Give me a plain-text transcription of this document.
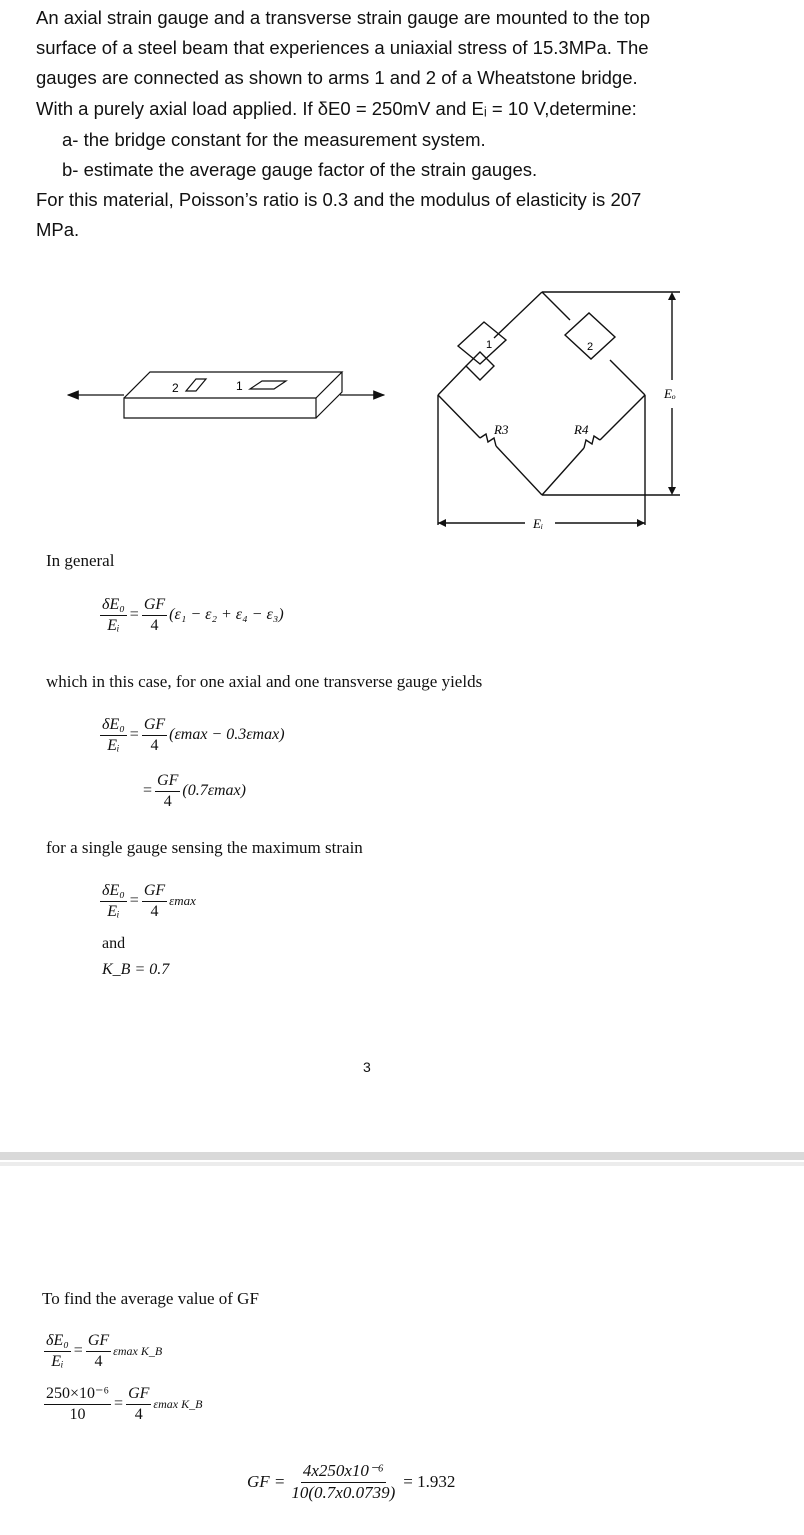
An axial strain gauge and a transverse strain gauge are mounted to the top
surface of a steel beam that experiences a uniaxial stress of 15.3MPa. The
gauges are connected as shown to arms 1 and 2 of a Wheatstone bridge.
With a purely axial load applied. If δE0 = 250mV and Eᵢ = 10 V,determine:
a- the bridge constant for the measurement system.
b- estimate the average gauge factor of the strain gauges.
For this material, Poisson’s ratio is 0.3 and the modulus of elasticity is 207
MPa.
2	1
1	2
R3	R4
Eᵢ
Eₒ
In general
$\frac{\text{δE₀}}{\text{Eᵢ}} = \frac{GF}{4} (\varepsilon_1 - \varepsilon_2 + \varepsilon_4 - \varepsilon_3)$
which in this case, for one axial and one transverse gauge yields
$\frac{\text{δE₀}}{\text{Eᵢ}} = \frac{GF}{4} (\varepsilon\max - 0.3\varepsilon\max)$
= $\frac{GF}{4} (0.7\varepsilon\max)$
for a single gauge sensing the maximum strain
$\frac{\text{δE₀}}{\text{Eᵢ}} = \frac{GF}{4}$ εmax
and
K_B = 0.7
3
To find the average value of GF
$\frac{\text{δE₀}}{\text{Eᵢ}} = \frac{GF}{4}$ εmax K_B
$\frac{\text{250×10⁻⁶}}{10} = \frac{GF}{4}$ εmax K_B
GF = $\frac{\text{4x250x10⁻⁶}}{10(0.7x0.0739)} = 1.932$
